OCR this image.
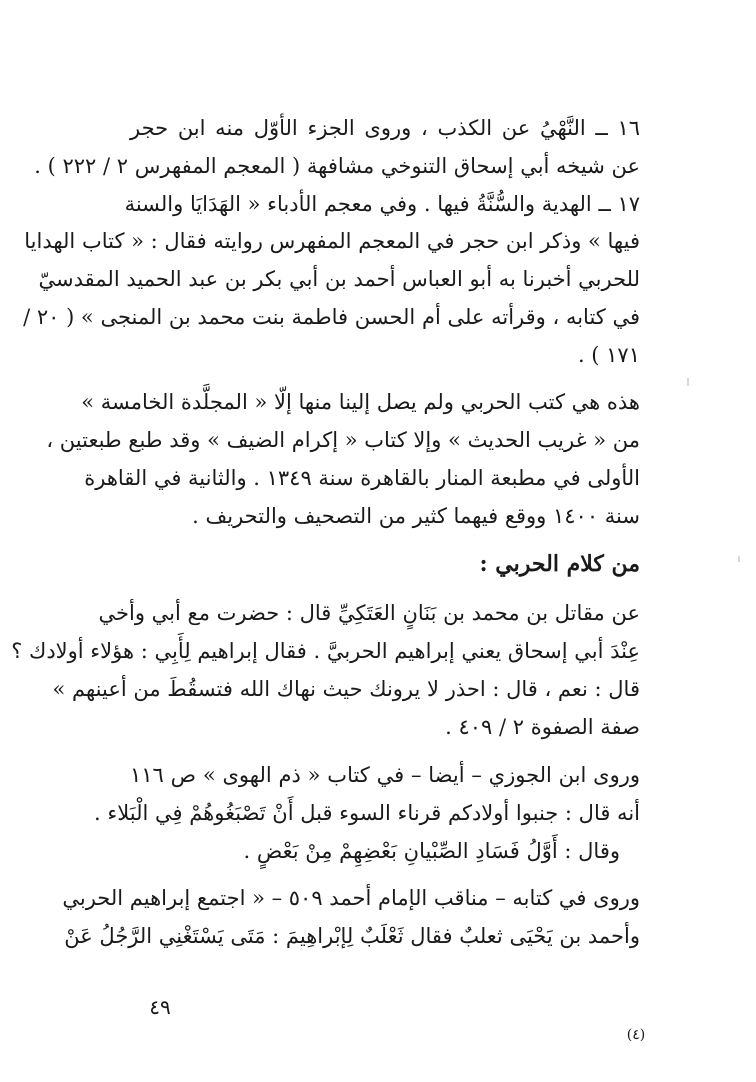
١٦ ــ النَّهْيُ عن الكذب ، وروى الجزء الأوّل منه ابن حجر
عن شيخه أبي إسحاق التنوخي مشافهة ( المعجم المفهرس ٢ / ٢٢٢ ) .
١٧ ــ الهدية والسُّنَّةُ فيها . وفي معجم الأدباء « الهَدَايَا والسنة
فيها » وذكر ابن حجر في المعجم المفهرس روايته فقال : « كتاب الهدايا
للحربي أخبرنا به أبو العباس أحمد بن أبي بكر بن عبد الحميد المقدسيّ
في كتابه ، وقرأته على أم الحسن فاطمة بنت محمد بن المنجى » ( ٢٠ /
١٧١ ) .
هذه هي كتب الحربي ولم يصل إلينا منها إلّا « المجلَّدة الخامسة »
من « غريب الحديث » وإلا كتاب « إكرام الضيف » وقد طبع طبعتين ،
الأولى في مطبعة المنار بالقاهرة سنة ١٣٤٩ . والثانية في القاهرة
سنة ١٤٠٠ ووقع فيهما كثير من التصحيف والتحريف .
من كلام الحربي :
عن مقاتل بن محمد بن بَنَانٍ العَتَكِيِّ قال : حضرت مع أبي وأخي
عِنْدَ أبي إسحاق يعني إبراهيم الحربيَّ . فقال إبراهيم لِأَبِي : هؤلاء أولادك ؟
قال : نعم ، قال : احذر لا يرونك حيث نهاك الله فتسقُطَ من أعينهم »
صفة الصفوة ٢ / ٤٠٩ .
وروى ابن الجوزي – أيضا – في كتاب « ذم الهوى » ص ١١٦
أنه قال : جنبوا أولادكم قرناء السوء قبل أَنْ تَصْبَغُوهُمْ فِي الْبَلاء .
وقال : أَوَّلُ فَسَادِ الصِّبْيانِ بَعْضِهِمْ مِنْ بَعْضٍ .
وروى في كتابه – مناقب الإمام أحمد ٥٠٩ – « اجتمع إبراهيم الحربي
وأحمد بن يَحْيَى ثعلبٌ فقال ثَعْلَبٌ لِإبْراهِيمَ : مَتَى يَسْتَغْنِي الرَّجُلُ عَنْ
٤٩
(٤)
